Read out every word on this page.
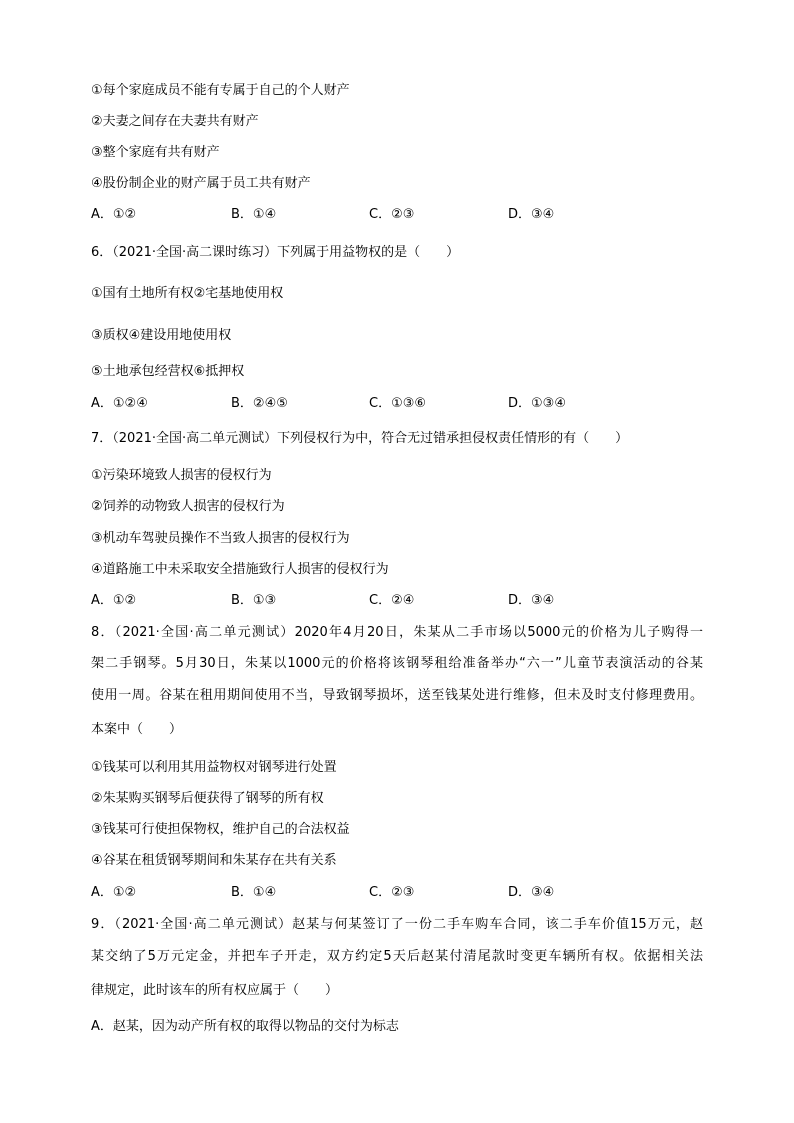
①每个家庭成员不能有专属于自己的个人财产
②夫妻之间存在夫妻共有财产
③整个家庭有共有财产
④股份制企业的财产属于员工共有财产
A．①②	B．①④	C．②③	D．③④
6．（2021·全国·高二课时练习）下列属于用益物权的是（　　）
①国有土地所有权②宅基地使用权
③质权④建设用地使用权
⑤土地承包经营权⑥抵押权
A．①②④	B．②④⑤	C．①③⑥	D．①③④
7．（2021·全国·高二单元测试）下列侵权行为中，符合无过错承担侵权责任情形的有（　　）
①污染环境致人损害的侵权行为
②饲养的动物致人损害的侵权行为
③机动车驾驶员操作不当致人损害的侵权行为
④道路施工中未采取安全措施致行人损害的侵权行为
A．①②	B．①③	C．②④	D．③④
8．（2021·全国·高二单元测试）2020年4月20日，朱某从二手市场以5000元的价格为儿子购得一
架二手钢琴。5月30日，朱某以1000元的价格将该钢琴租给准备举办“六一”儿童节表演活动的谷某
使用一周。谷某在租用期间使用不当，导致钢琴损坏，送至钱某处进行维修，但未及时支付修理费用。
本案中（　　）
①钱某可以利用其用益物权对钢琴进行处置
②朱某购买钢琴后便获得了钢琴的所有权
③钱某可行使担保物权，维护自己的合法权益
④谷某在租赁钢琴期间和朱某存在共有关系
A．①②	B．①④	C．②③	D．③④
9．（2021·全国·高二单元测试）赵某与何某签订了一份二手车购车合同，该二手车价值15万元，赵
某交纳了5万元定金，并把车子开走，双方约定5天后赵某付清尾款时变更车辆所有权。依据相关法
律规定，此时该车的所有权应属于（　　）
A．赵某，因为动产所有权的取得以物品的交付为标志
